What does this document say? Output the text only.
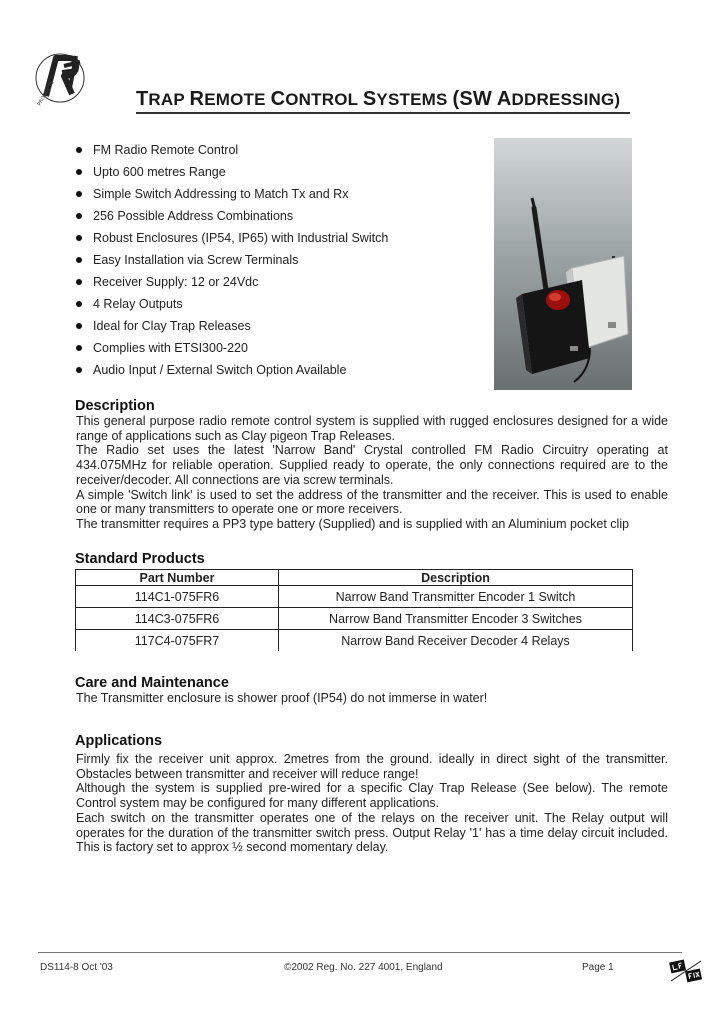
PRODUCTS	TRAP REMOTE CONTROL SYSTEMS (SW ADDRESSING)
FM Radio Remote Control
Upto 600 metres Range
Simple Switch Addressing to Match Tx and Rx
256 Possible Address Combinations
Robust Enclosures (IP54, IP65) with Industrial Switch
Easy Installation via Screw Terminals
Receiver Supply: 12 or 24Vdc
4 Relay Outputs
Ideal for Clay Trap Releases
Complies with ETSI300-220
Audio Input / External Switch Option Available
Description

This general purpose radio remote control system is supplied with rugged enclosures designed for a wide range of applications such as Clay pigeon Trap Releases.

The Radio set uses the latest 'Narrow Band' Crystal controlled FM Radio Circuitry operating at 434.075MHz for reliable operation. Supplied ready to operate, the only connections required are to the receiver/decoder. All connections are via screw terminals.

A simple 'Switch link' is used to set the address of the transmitter and the receiver. This is used to enable one or many transmitters to operate one or more receivers.

The transmitter requires a PP3 type battery (Supplied) and is supplied with an Aluminium pocket clip

Standard Products
Part Number	Description
114C1-075FR6	Narrow Band Transmitter Encoder 1 Switch
114C3-075FR6	Narrow Band Transmitter Encoder 3 Switches
117C4-075FR7	Narrow Band Receiver Decoder 4 Relays
Care and Maintenance
The Transmitter enclosure is shower proof (IP54) do not immerse in water!
Applications

Firmly fix the receiver unit approx. 2metres from the ground. ideally in direct sight of the transmitter. Obstacles between transmitter and receiver will reduce range!

Although the system is supplied pre-wired for a specific Clay Trap Release (See below). The remote Control system may be configured for many different applications.

Each switch on the transmitter operates one of the relays on the receiver unit. The Relay output will operates for the duration of the transmitter switch press. Output Relay '1' has a time delay circuit included. This is factory set to approx ½ second momentary delay.

DS114-8 Oct '03	©2002 Reg. No. 227 4001, England	Page 1
